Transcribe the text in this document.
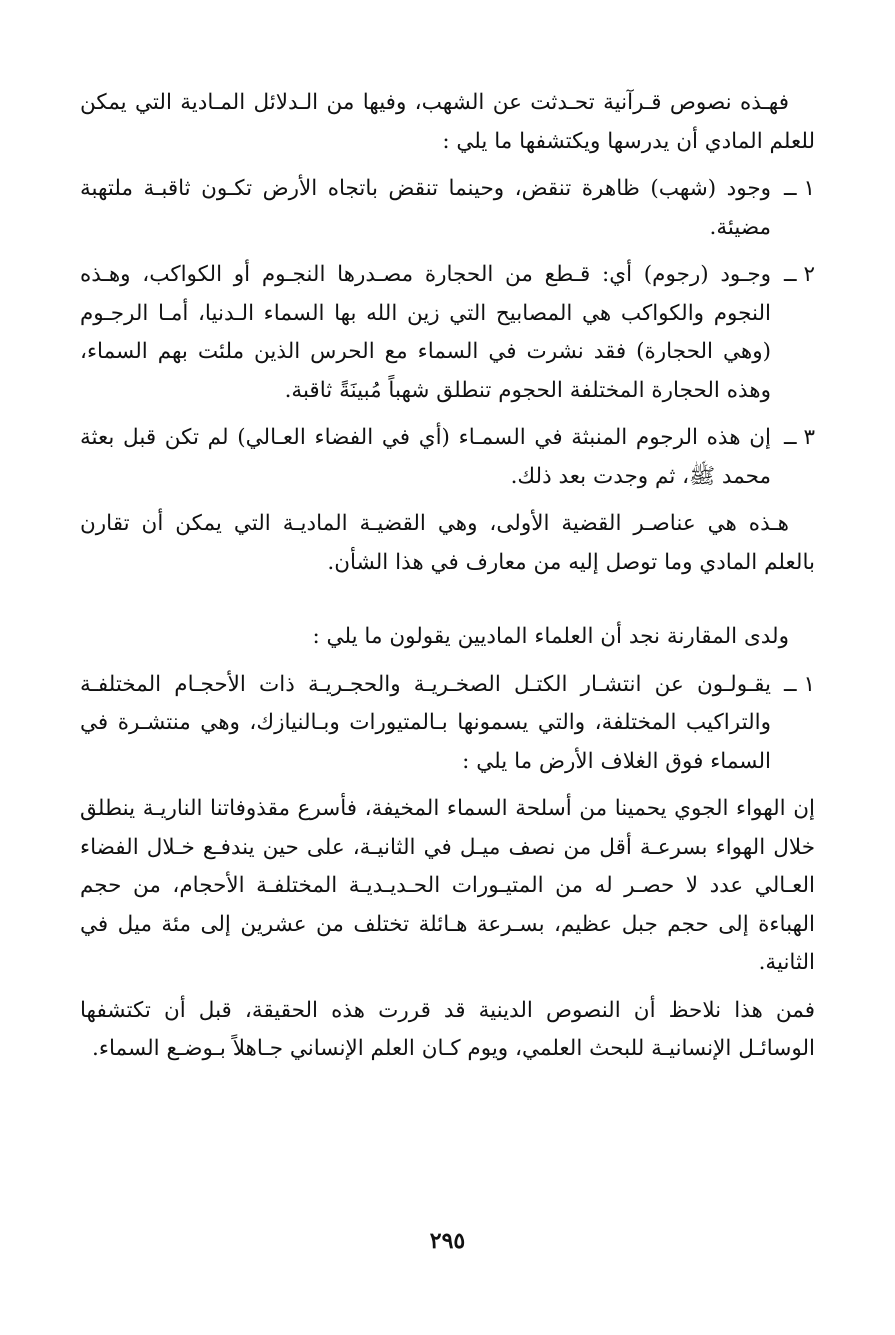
فهـذه نصوص قـرآنية تحـدثت عن الشهب، وفيها من الـدلائل المـادية التي يمكن للعلم المادي أن يدرسها ويكتشفها ما يلي :

١ ــ
وجود (شهب) ظاهرة تنقض، وحينما تنقض باتجاه الأرض تكـون ثاقبـة ملتهبة مضيئة.
٢ ــ
وجـود (رجوم) أي: قـطع من الحجارة مصـدرها النجـوم أو الكواكب، وهـذه النجوم والكواكب هي المصابيح التي زين الله بها السماء الـدنيا، أمـا الرجـوم (وهي الحجارة) فقد نشرت في السماء مع الحرس الذين ملئت بهم السماء، وهذه الحجارة المختلفة الحجوم تنطلق شهباً مُبينَةً ثاقبة.
٣ ــ
إن هذه الرجوم المنبثة في السمـاء (أي في الفضاء العـالي) لم تكن قبل بعثة محمد ﷺ، ثم وجدت بعد ذلك.

هـذه هي عناصـر القضية الأولى، وهي القضيـة الماديـة التي يمكن أن تقارن بالعلم المادي وما توصل إليه من معارف في هذا الشأن.

ولدى المقارنة نجد أن العلماء الماديين يقولون ما يلي :

١ ــ
يقـولـون عن انتشـار الكتـل الصخـريـة والحجـريـة ذات الأحجـام المختلفـة والتراكيب المختلفة، والتي يسمونها بـالمتيورات وبـالنيازك، وهي منتشـرة في السماء فوق الغلاف الأرض ما يلي :

إن الهواء الجوي يحمينا من أسلحة السماء المخيفة، فأسرع مقذوفاتنا الناريـة ينطلق خلال الهواء بسرعـة أقل من نصف ميـل في الثانيـة، على حين يندفـع خـلال الفضاء العـالي عدد لا حصـر له من المتيـورات الحـديـديـة المختلفـة الأحجام، من حجم الهباءة إلى حجم جبل عظيم، بسـرعة هـائلة تختلف من عشرين إلى مئة ميل في الثانية.

فمن هذا نلاحظ أن النصوص الدينية قد قررت هذه الحقيقة، قبل أن تكتشفها الوسائـل الإنسانيـة للبحث العلمي، ويوم كـان العلم الإنساني جـاهلاً بـوضـع السماء.

٢٩٥
